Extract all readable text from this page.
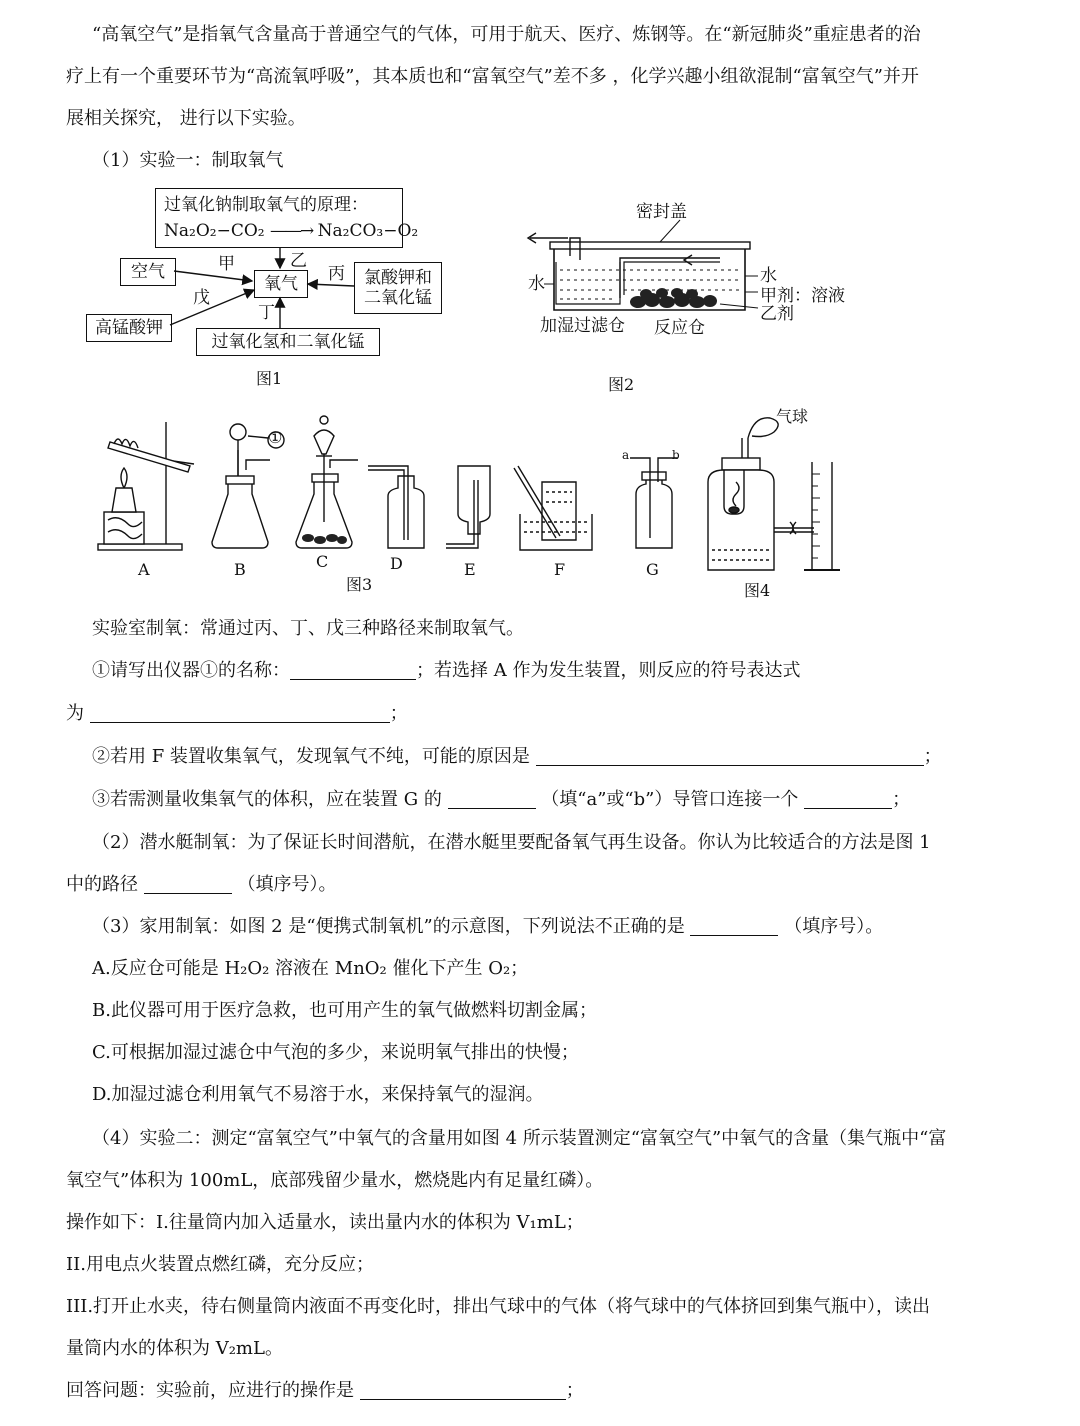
“高氧空气”是指氧气含量高于普通空气的气体，可用于航天、医疗、炼钢等。在“新冠肺炎”重症患者的治
疗上有一个重要环节为“高流氧呼吸”，其本质也和“富氧空气”差不多 ，化学兴趣小组欲混制“富氧空气”并开
展相关探究， 进行以下实验。
（1）实验一：制取氧气
过氧化钠制取氧气的原理：
Na₂O₂−CO₂ ——→ Na₂CO₃−O₂
空气
氧气
高锰酸钾
氯酸钾和
二氧化锰
过氧化氢和二氧化锰
甲	乙
丙
丁
戊
图1
密封盖
水	水
甲剂：溶液
乙剂
加湿过滤仓 反应仓
图2
①
a	b
A	B	C	D	E	F	G
图3
气球
图4
实验室制氧：常通过丙、丁、戊三种路径来制取氧气。
①请写出仪器①的名称：	；若选择 A 作为发生装置，则反应的符号表达式
为	；
②若用 F 装置收集氧气，发现氧气不纯，可能的原因是	；
③若需测量收集氧气的体积，应在装置 G 的	（填“a”或“b”）导管口连接一个	；
（2）潜水艇制氧：为了保证长时间潜航，在潜水艇里要配备氧气再生设备。你认为比较适合的方法是图 1
中的路径	（填序号）。
（3）家用制氧：如图 2 是“便携式制氧机”的示意图，下列说法不正确的是	（填序号）。
A.反应仓可能是 H₂O₂ 溶液在 MnO₂ 催化下产生 O₂；
B.此仪器可用于医疗急救，也可用产生的氧气做燃料切割金属；
C.可根据加湿过滤仓中气泡的多少，来说明氧气排出的快慢；
D.加湿过滤仓利用氧气不易溶于水，来保持氧气的湿润。
（4）实验二：测定“富氧空气”中氧气的含量用如图 4 所示装置测定“富氧空气”中氧气的含量（集气瓶中“富
氧空气”体积为 100mL，底部残留少量水，燃烧匙内有足量红磷）。
操作如下：I.往量筒内加入适量水，读出量内水的体积为 V₁mL；
II.用电点火装置点燃红磷，充分反应；
III.打开止水夹，待右侧量筒内液面不再变化时，排出气球中的气体（将气球中的气体挤回到集气瓶中），读出
量筒内水的体积为 V₂mL。
回答问题：实验前，应进行的操作是	；
